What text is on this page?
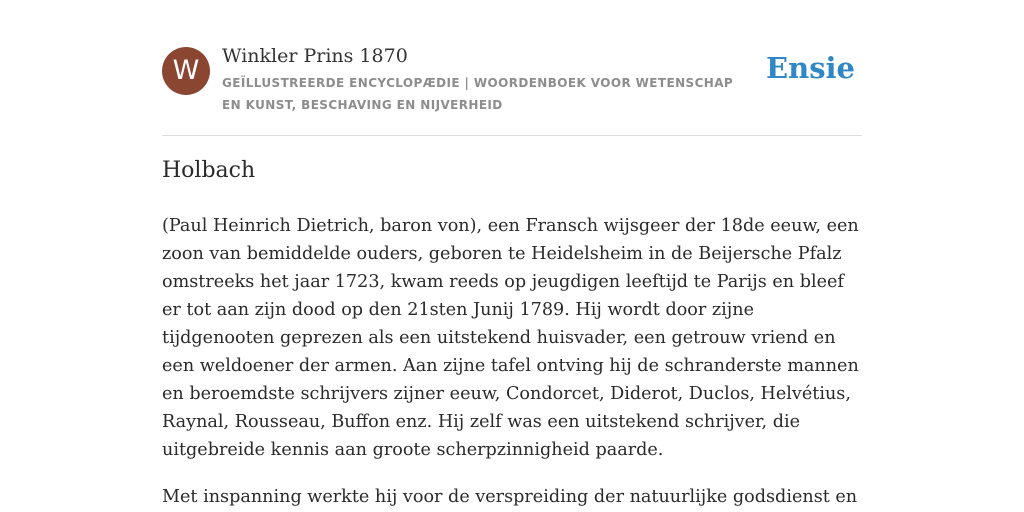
W	Winkler Prins 1870
GEÏLLUSTREERDE ENCYCLOPÆDIE | WOORDENBOEK VOOR WETENSCHAP EN KUNST, BESCHAVING EN NIJVERHEID
Ensie
Holbach

(Paul Heinrich Dietrich, baron von), een Fransch wijsgeer der 18de eeuw, een zoon van bemiddelde ouders, geboren te Heidelsheim in de Beijersche Pfalz omstreeks het jaar 1723, kwam reeds op jeugdigen leeftijd te Parijs en bleef er tot aan zijn dood op den 21sten Junij 1789. Hij wordt door zijne tijdgenooten geprezen als een uitstekend huisvader, een getrouw vriend en een weldoener der armen. Aan zijne tafel ontving hij de schranderste mannen en beroemdste schrijvers zijner eeuw, Condorcet, Diderot, Duclos, Helvétius, Raynal, Rousseau, Buffon enz. Hij zelf was een uitstekend schrijver, die uitgebreide kennis aan groote scherpzinnigheid paarde.

Met inspanning werkte hij voor de verspreiding der natuurlijke godsdienst en
